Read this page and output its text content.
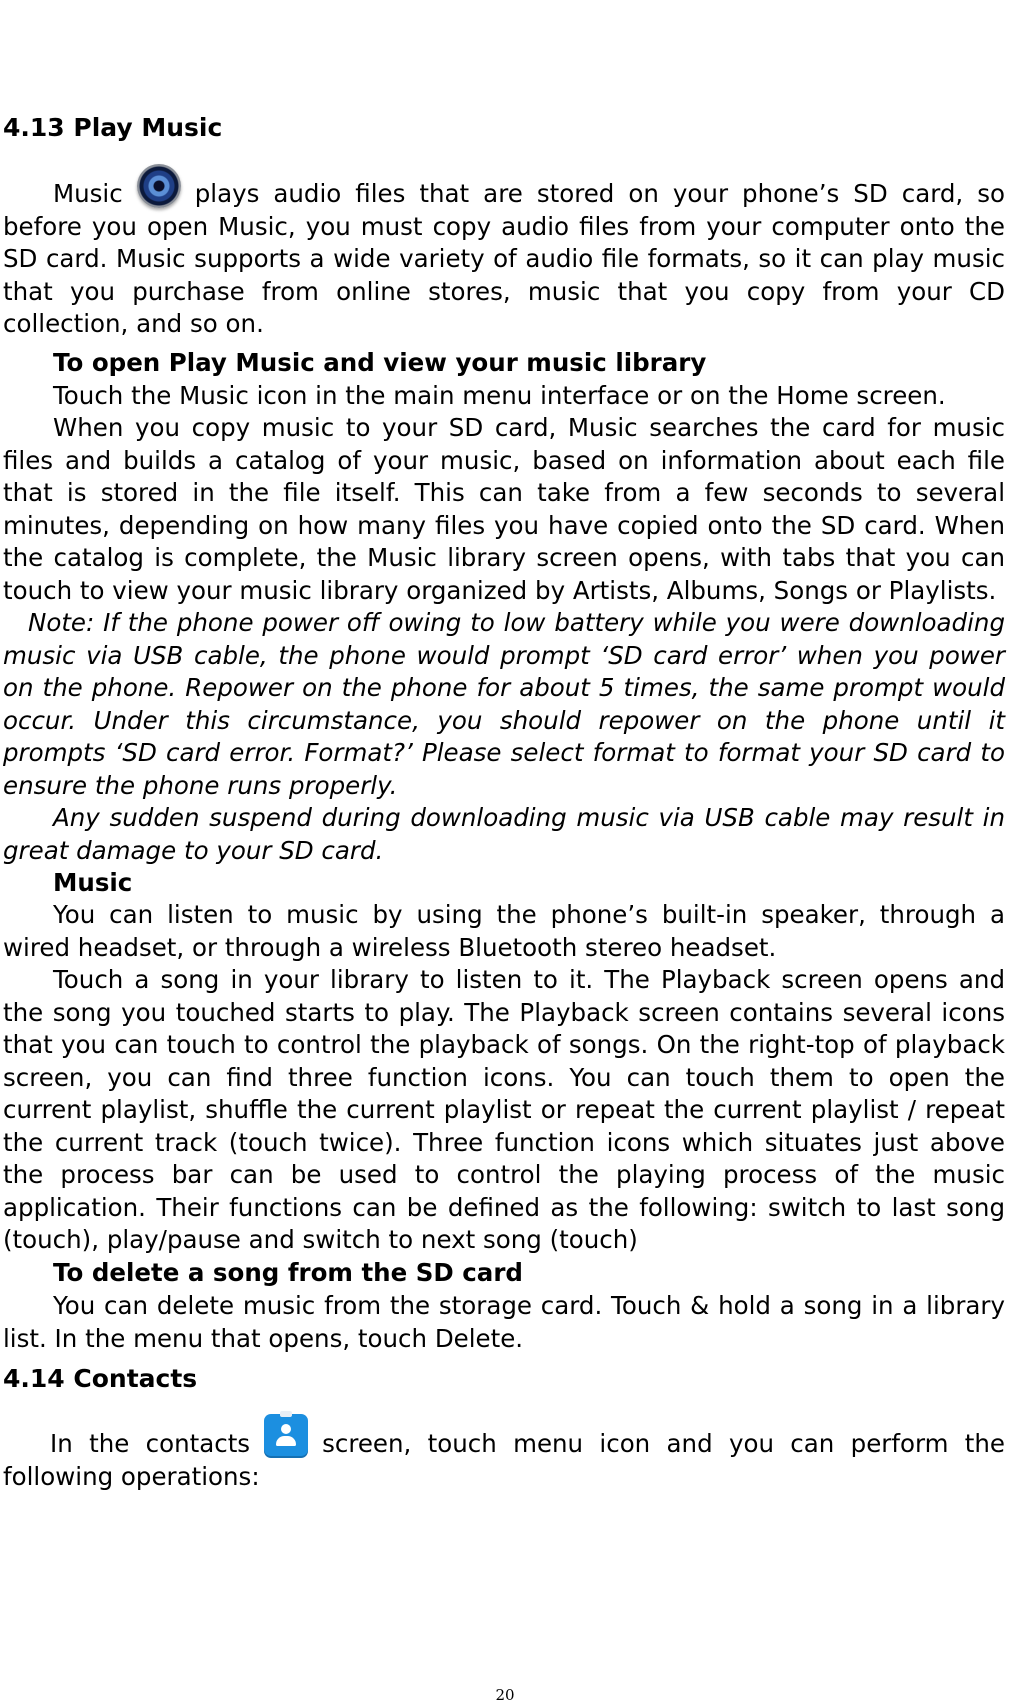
4.13 Play Music

Music	plays audio files that are stored on your phone’s SD card, so before you open Music, you must copy audio files from your computer onto the SD card. Music supports a wide variety of audio file formats, so it can play music that you purchase from online stores, music that you copy from your CD collection, and so on.

To open Play Music and view your music library

Touch the Music icon in the main menu interface or on the Home screen.

When you copy music to your SD card, Music searches the card for music files and builds a catalog of your music, based on information about each file that is stored in the file itself. This can take from a few seconds to several minutes, depending on how many files you have copied onto the SD card. When the catalog is complete, the Music library screen opens, with tabs that you can touch to view your music library organized by Artists, Albums, Songs or Playlists.

Note: If the phone power off owing to low battery while you were downloading music via USB cable, the phone would prompt ‘SD card error’ when you power on the phone. Repower on the phone for about 5 times, the same prompt would occur. Under this circumstance, you should repower on the phone until it prompts ‘SD card error. Format?’ Please select format to format your SD card to ensure the phone runs properly.

Any sudden suspend during downloading music via USB cable may result in great damage to your SD card.

Music

You can listen to music by using the phone’s built-in speaker, through a wired headset, or through a wireless Bluetooth stereo headset.

Touch a song in your library to listen to it. The Playback screen opens and the song you touched starts to play. The Playback screen contains several icons that you can touch to control the playback of songs. On the right-top of playback screen, you can find three function icons. You can touch them to open the current playlist, shuffle the current playlist or repeat the current playlist / repeat the current track (touch twice). Three function icons which situates just above the process bar can be used to control the playing process of the music application. Their functions can be defined as the following: switch to last song (touch), play/pause and switch to next song (touch)

To delete a song from the SD card

You can delete music from the storage card. Touch & hold a song in a library list. In the menu that opens, touch Delete.

4.14 Contacts

In the contacts	screen, touch menu icon and you can perform the following operations:

20
